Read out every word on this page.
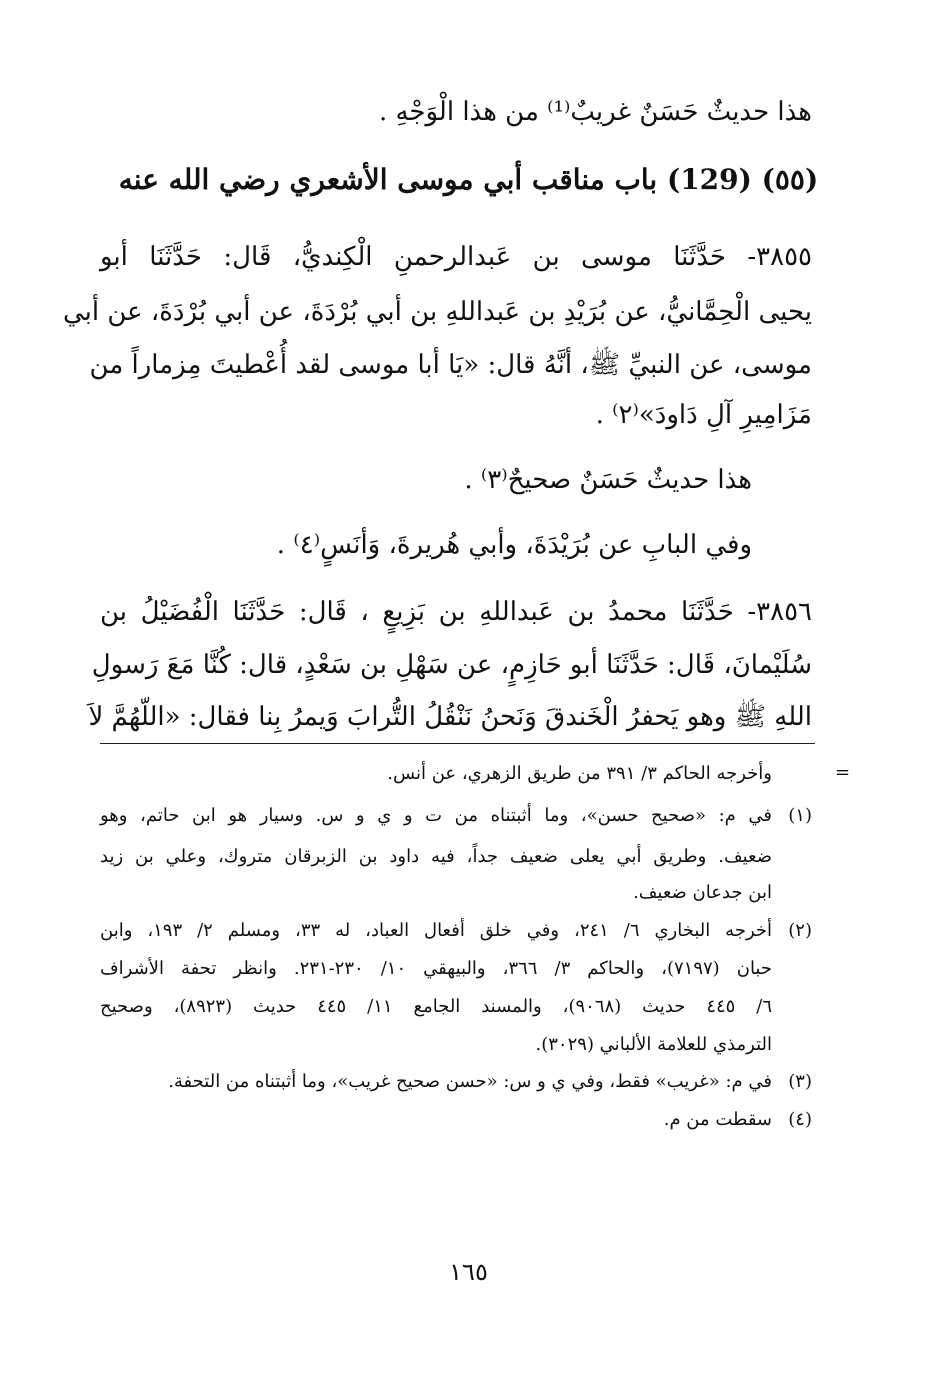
هذا حديثٌ حَسَنٌ غريبٌ⁽¹⁾ من هذا الْوَجْهِ .
(٥٥) (129) باب مناقب أبي موسى الأشعري رضي الله عنه
٣٨٥٥- حَدَّثَنَا موسى بن عَبدالرحمنِ الْكِنديُّ، قَال: حَدَّثَنَا أبو
يحيى الْحِمَّانيُّ، عن بُرَيْدِ بن عَبداللهِ بن أبي بُرْدَةَ، عن أبي بُرْدَةَ، عن أبي
موسى، عن النبيِّ ﷺ، أنَّهُ قال: «يَا أبا موسى لقد أُعْطيتَ مِزماراً من
مَزَامِيرِ آلِ دَاودَ»⁽٢⁾ .
هذا حديثٌ حَسَنٌ صحيحٌ⁽٣⁾ .
وفي البابِ عن بُرَيْدَةَ، وأبي هُريرةَ، وَأنَسٍ⁽٤⁾ .
٣٨٥٦- حَدَّثَنَا محمدُ بن عَبداللهِ بن بَزِيعٍ ، قَال: حَدَّثَنَا الْفُضَيْلُ بن
سُلَيْمانَ، قَال: حَدَّثَنَا أبو حَازِمٍ، عن سَهْلِ بن سَعْدٍ، قال: كُنَّا مَعَ رَسولِ
اللهِ ﷺ وهو يَحفرُ الْخَندقَ وَنَحنُ نَنْقُلُ التُّرابَ وَيمرُ بِنا فقال: «اللّهُمَّ لاَ
=
وأخرجه الحاكم ٣/ ٣٩١ من طريق الزهري، عن أنس.
(١)
في م: «صحيح حسن»، وما أثبتناه من ت و ي و س. وسيار هو ابن حاتم، وهو
ضعيف. وطريق أبي يعلى ضعيف جداً، فيه داود بن الزبرقان متروك، وعلي بن زيد
ابن جدعان ضعيف.
(٢)
أخرجه البخاري ٦/ ٢٤١، وفي خلق أفعال العباد، له ٣٣، ومسلم ٢/ ١٩٣، وابن
حبان (٧١٩٧)، والحاكم ٣/ ٣٦٦، والبيهقي ١٠/ ٢٣٠-٢٣١. وانظر تحفة الأشراف
٦/ ٤٤٥ حديث (٩٠٦٨)، والمسند الجامع ١١/ ٤٤٥ حديث (٨٩٢٣)، وصحيح
الترمذي للعلامة الألباني (٣٠٢٩).
(٣)
في م: «غريب» فقط، وفي ي و س: «حسن صحيح غريب»، وما أثبتناه من التحفة.
(٤)
سقطت من م.
١٦٥
